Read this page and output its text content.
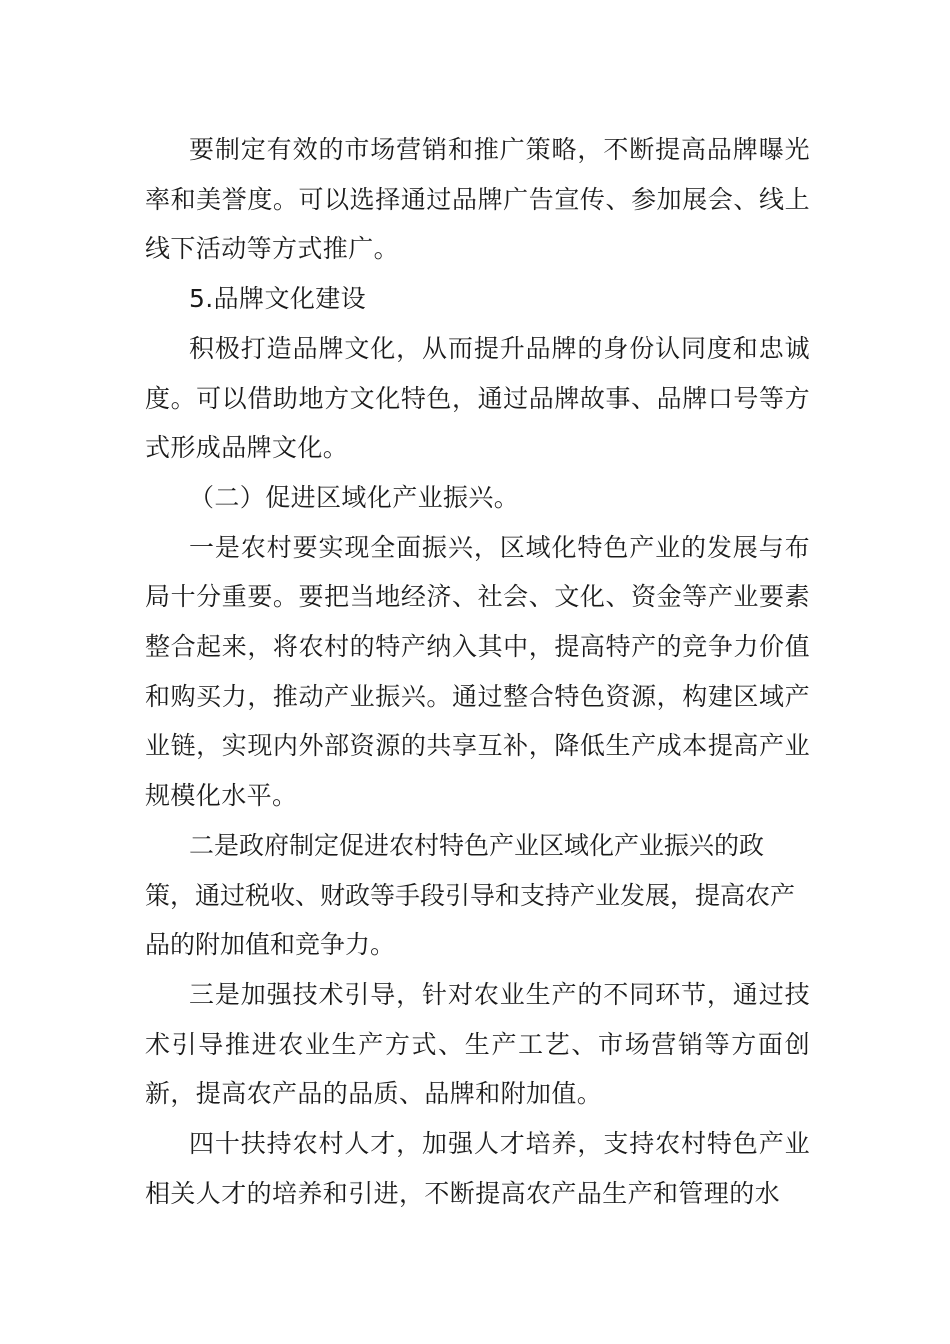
要制定有效的市场营销和推广策略，不断提高品牌曝光率和美誉度。可以选择通过品牌广告宣传、参加展会、线上线下活动等方式推广。

5.品牌文化建设

积极打造品牌文化，从而提升品牌的身份认同度和忠诚度。可以借助地方文化特色，通过品牌故事、品牌口号等方式形成品牌文化。

（二）促进区域化产业振兴。

一是农村要实现全面振兴，区域化特色产业的发展与布局十分重要。要把当地经济、社会、文化、资金等产业要素整合起来，将农村的特产纳入其中，提高特产的竞争力价值和购买力，推动产业振兴。通过整合特色资源，构建区域产业链，实现内外部资源的共享互补，降低生产成本提高产业规模化水平。

二是政府制定促进农村特色产业区域化产业振兴的政策，通过税收、财政等手段引导和支持产业发展，提高农产品的附加值和竞争力。

三是加强技术引导，针对农业生产的不同环节，通过技术引导推进农业生产方式、生产工艺、市场营销等方面创新，提高农产品的品质、品牌和附加值。

四十扶持农村人才，加强人才培养，支持农村特色产业相关人才的培养和引进，不断提高农产品生产和管理的水
